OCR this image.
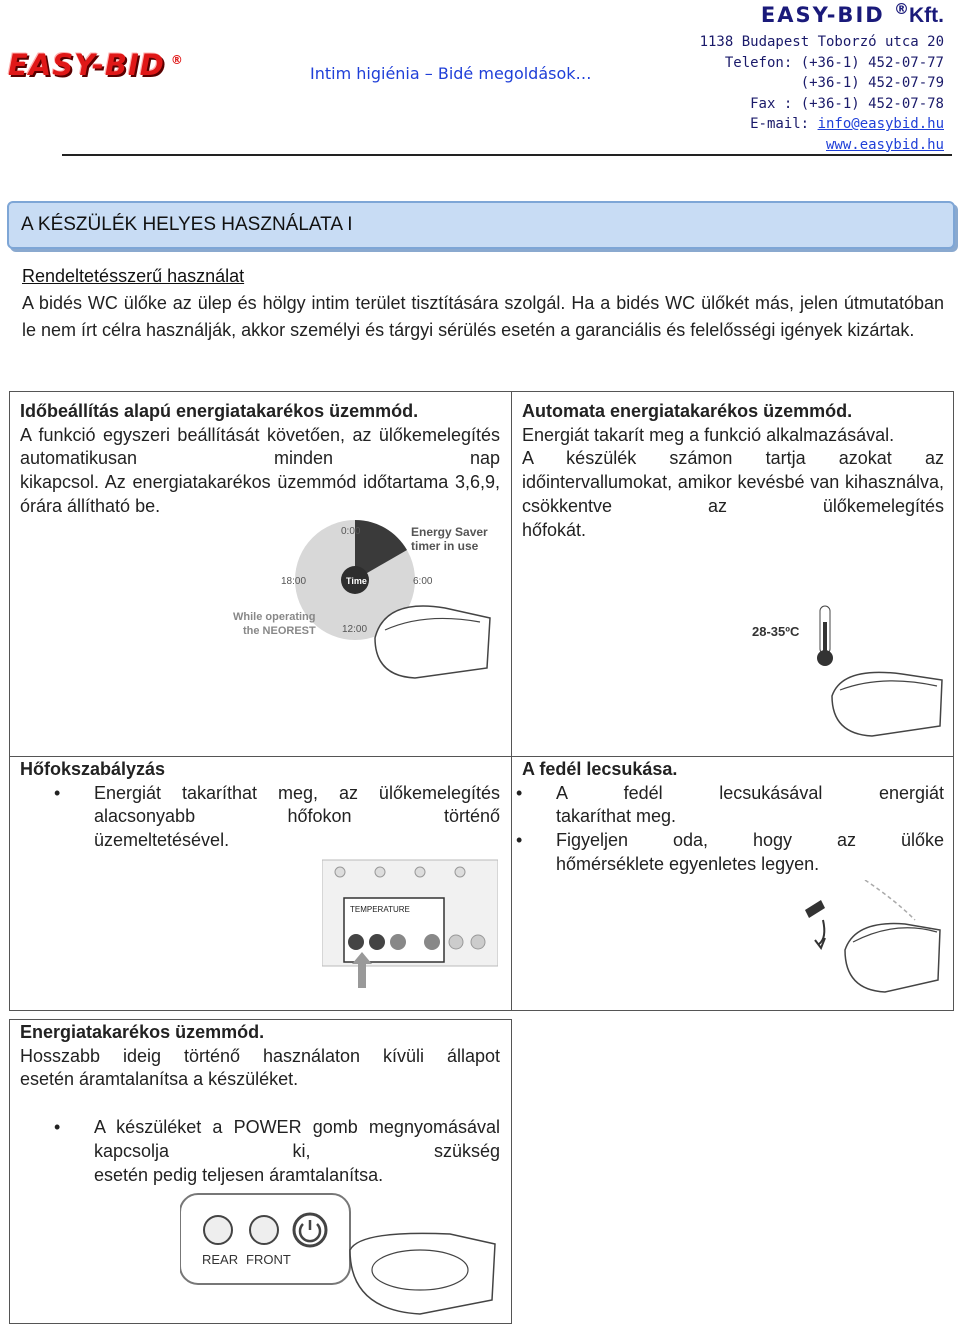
EASY-BID ®
Intim higiénia – Bidé megoldások…
EASY-BID ®Kft.
1138 Budapest Toborzó utca 20
Telefon: (+36-1) 452-07-77
(+36-1) 452-07-79
Fax : (+36-1) 452-07-78
E-mail: info@easybid.hu
www.easybid.hu
A KÉSZÜLÉK HELYES HASZNÁLATA I
Rendeltetésszerű használat
A bidés WC ülőke az ülep és hölgy intim terület tisztítására szolgál. Ha a bidés WC ülőkét más, jelen útmutatóban le nem írt célra használják, akkor személyi és tárgyi sérülés esetén a garanciális és felelősségi igények kizártak.
Időbeállítás alapú energiatakarékos üzemmód.
A funkció egyszeri beállítását követően, az ülőkemelegítés automatikusan minden nap
kikapcsol. Az energiatakarékos üzemmód időtartama 3,6,9, órára állítható be.
Time
0:00
6:00
12:00
18:00
Energy Saver
timer in use
While operating
the NEOREST
Automata energiatakarékos üzemmód.
Energiát takarít meg a funkció alkalmazásával.
A készülék számon tartja azokat az időintervallumokat, amikor kevésbé van kihasználva, csökkentve az ülőkemelegítés
hőfokát.
28-35ºC
Hőfokszabályzás
• Energiát takaríthat meg, az ülőkemelegítés alacsonyabb hőfokon történő
üzemeltetésével.
TEMPERATURE
A fedél lecsukása.
• A fedél lecsukásával energiát
takaríthat meg.
• Figyeljen oda, hogy az ülőke
hőmérséklete egyenletes legyen.
Energiatakarékos üzemmód.
Hosszabb ideig történő használaton kívüli állapot
esetén áramtalanítsa a készüléket.
• A készüléket a POWER gomb megnyomásával kapcsolja ki, szükség
esetén pedig teljesen áramtalanítsa.
REAR FRONT
